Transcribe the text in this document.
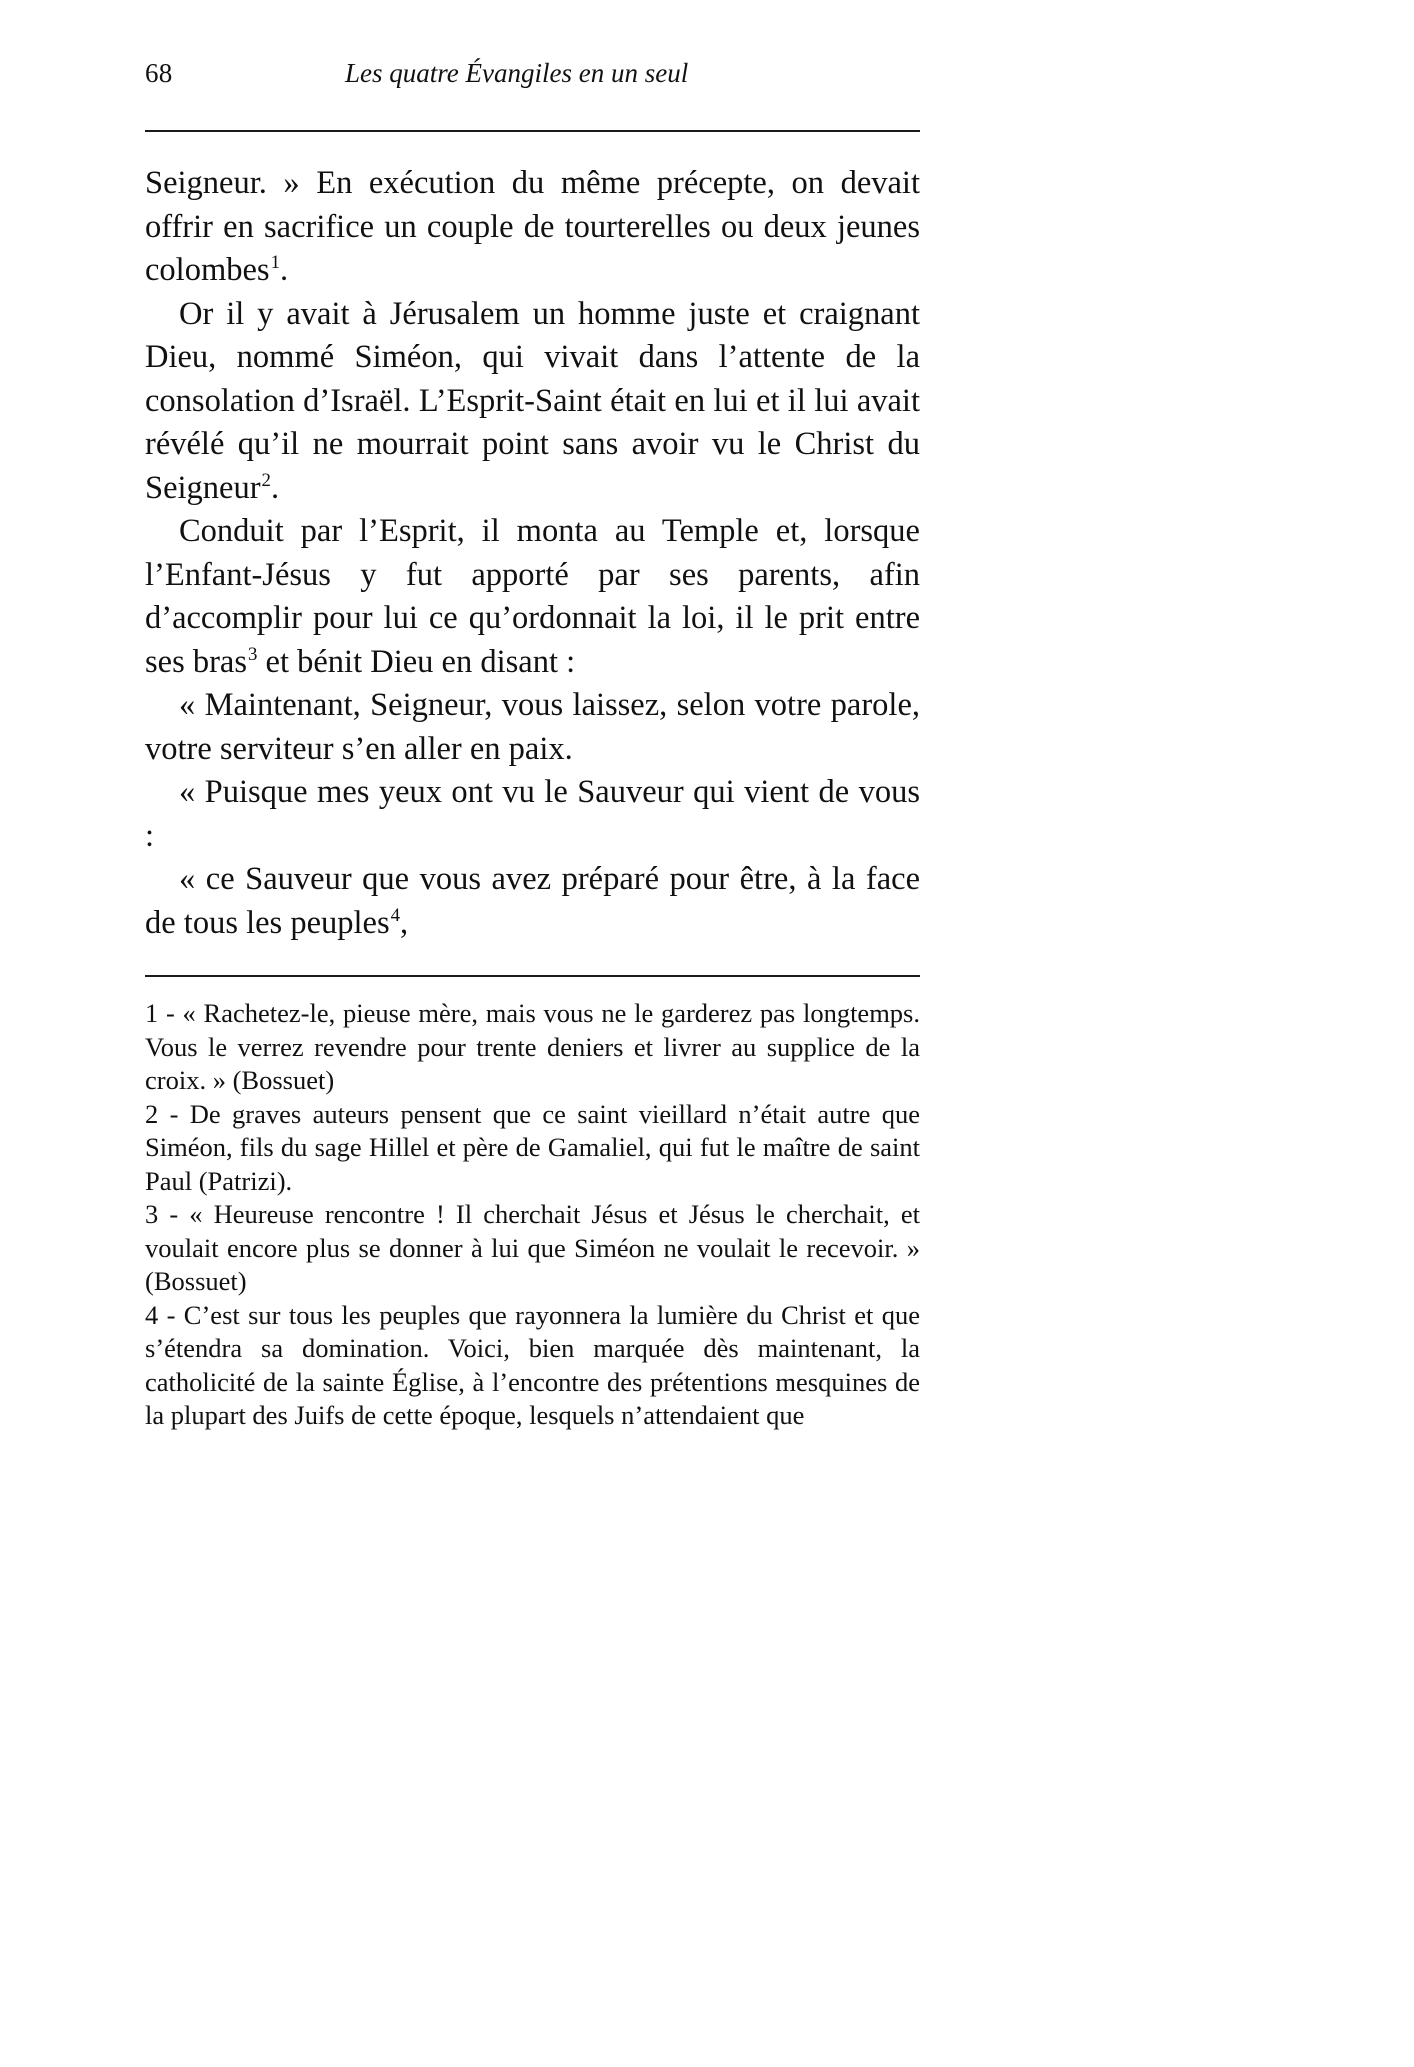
68	Les quatre Évangiles en un seul

Seigneur. » En exécution du même précepte, on devait offrir en sacrifice un couple de tourterelles ou deux jeunes colombes$^1$.

Or il y avait à Jérusalem un homme juste et craignant Dieu, nommé Siméon, qui vivait dans l’attente de la consolation d’Israël. L’Esprit-Saint était en lui et il lui avait révélé qu’il ne mourrait point sans avoir vu le Christ du Seigneur$^2$.

Conduit par l’Esprit, il monta au Temple et, lorsque l’Enfant-Jésus y fut apporté par ses parents, afin d’accomplir pour lui ce qu’ordonnait la loi, il le prit entre ses bras$^3$ et bénit Dieu en disant :

« Maintenant, Seigneur, vous laissez, selon votre parole, votre serviteur s’en aller en paix.

« Puisque mes yeux ont vu le Sauveur qui vient de vous :

« ce Sauveur que vous avez préparé pour être, à la face de tous les peuples$^4$,

1 - « Rachetez-le, pieuse mère, mais vous ne le garderez pas longtemps. Vous le verrez revendre pour trente deniers et livrer au supplice de la croix. » (Bossuet)

2 - De graves auteurs pensent que ce saint vieillard n’était autre que Siméon, fils du sage Hillel et père de Gamaliel, qui fut le maître de saint Paul (Patrizi).

3 - « Heureuse rencontre ! Il cherchait Jésus et Jésus le cherchait, et voulait encore plus se donner à lui que Siméon ne voulait le recevoir. » (Bossuet)

4 - C’est sur tous les peuples que rayonnera la lumière du Christ et que s’étendra sa domination. Voici, bien marquée dès maintenant, la catholicité de la sainte Église, à l’encontre des prétentions mesquines de la plupart des Juifs de cette époque, lesquels n’attendaient que
